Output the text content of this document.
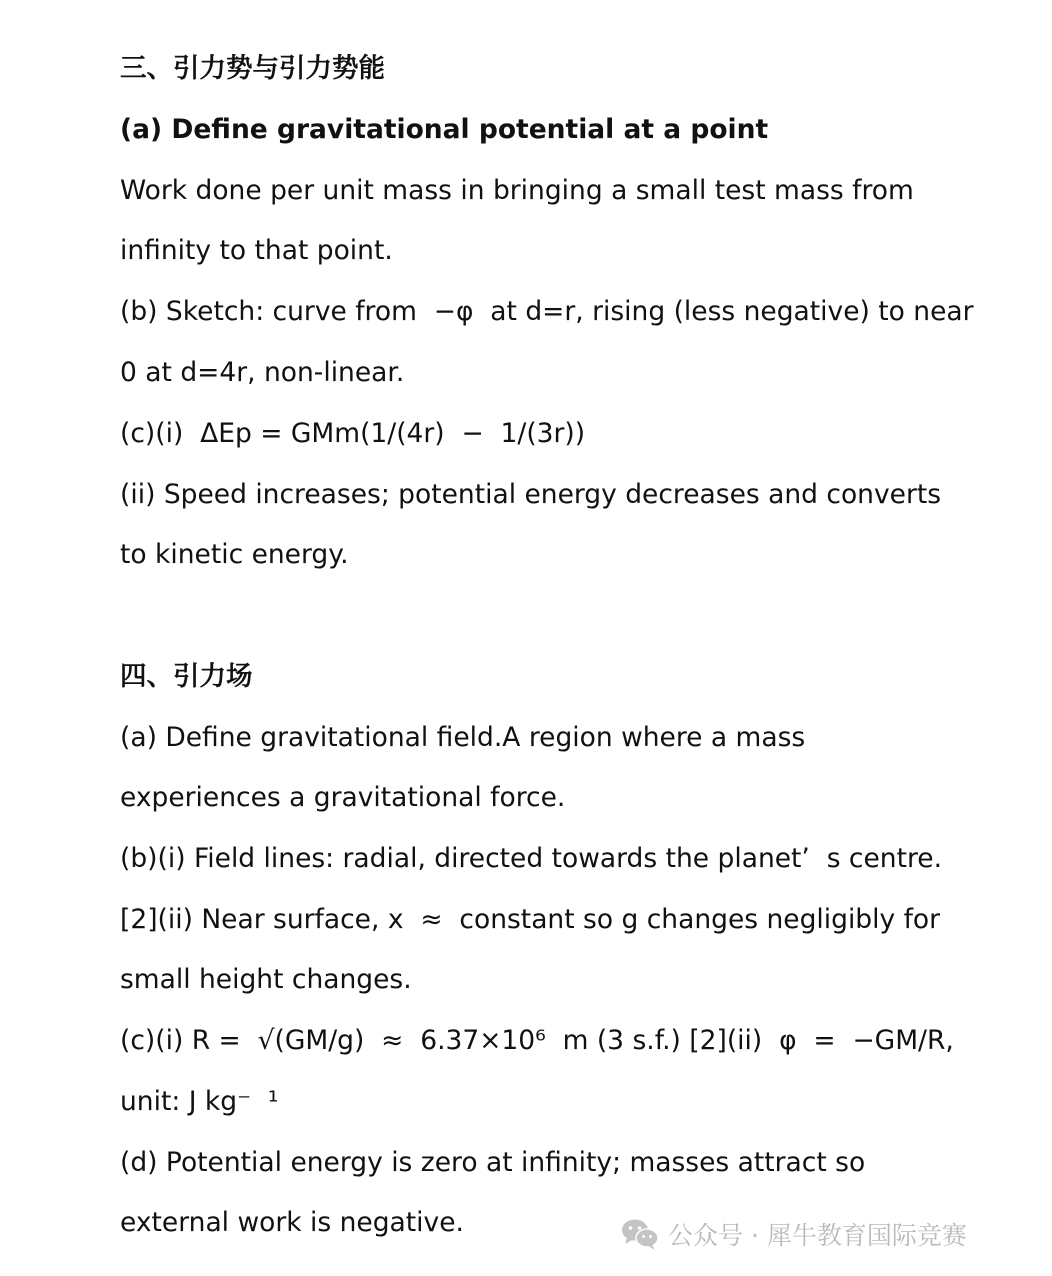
三、引力势与引力势能
(a) Define gravitational potential at a point
Work done per unit mass in bringing a small test mass from
infinity to that point.
(b) Sketch: curve from  −φ  at d=r, rising (less negative) to near
0 at d=4r, non-linear.
(c)(i)  ΔEp = GMm(1/(4r)  −  1/(3r))
(ii) Speed increases; potential energy decreases and converts
to kinetic energy.
四、引力场
(a) Define gravitational field.A region where a mass
experiences a gravitational force.
(b)(i) Field lines: radial, directed towards the planet’  s centre.
[2](ii) Near surface, x  ≈  constant so g changes negligibly for
small height changes.
(c)(i) R =  √(GM/g)  ≈  6.37×10⁶  m (3 s.f.) [2](ii)  φ  =  −GM/R,
unit: J kg⁻  ¹
(d) Potential energy is zero at infinity; masses attract so
external work is negative.	公众号 · 犀牛教育国际竞赛
